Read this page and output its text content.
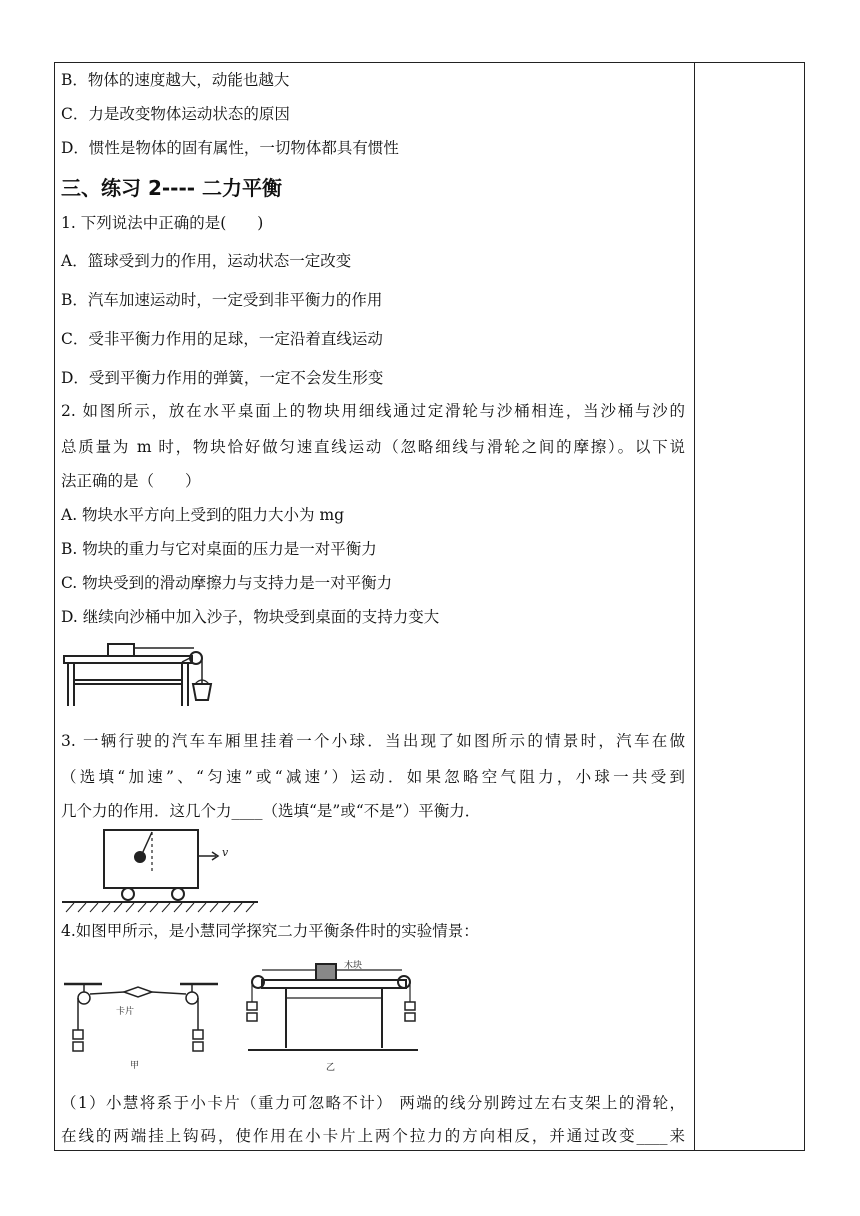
B．物体的速度越大，动能也越大
C．力是改变物体运动状态的原因
D．惯性是物体的固有属性，一切物体都具有惯性
三、练习 2---- 二力平衡
1. 下列说法中正确的是(　　)
A．篮球受到力的作用，运动状态一定改变
B．汽车加速运动时，一定受到非平衡力的作用
C．受非平衡力作用的足球，一定沿着直线运动
D．受到平衡力作用的弹簧，一定不会发生形变
2. 如图所示，放在水平桌面上的物块用细线通过定滑轮与沙桶相连，当沙桶与沙的
总质量为 m 时，物块恰好做匀速直线运动（忽略细线与滑轮之间的摩擦）。以下说
法正确的是（　　）
A. 物块水平方向上受到的阻力大小为 mg
B. 物块的重力与它对桌面的压力是一对平衡力
C. 物块受到的滑动摩擦力与支持力是一对平衡力
D. 继续向沙桶中加入沙子，物块受到桌面的支持力变大
3. 一辆行驶的汽车车厢里挂着一个小球．当出现了如图所示的情景时，汽车在做
（选填“加速”、“匀速”或“减速’）运动．如果忽略空气阻力，小球一共受到
几个力的作用．这几个力____（选填“是”或“不是”）平衡力．
4.如图甲所示，是小慧同学探究二力平衡条件时的实验情景：
（1）小慧将系于小卡片（重力可忽略不计） 两端的线分别跨过左右支架上的滑轮，
在线的两端挂上钩码，使作用在小卡片上两个拉力的方向相反，并通过改变____来
v
卡片
甲
木块
乙
